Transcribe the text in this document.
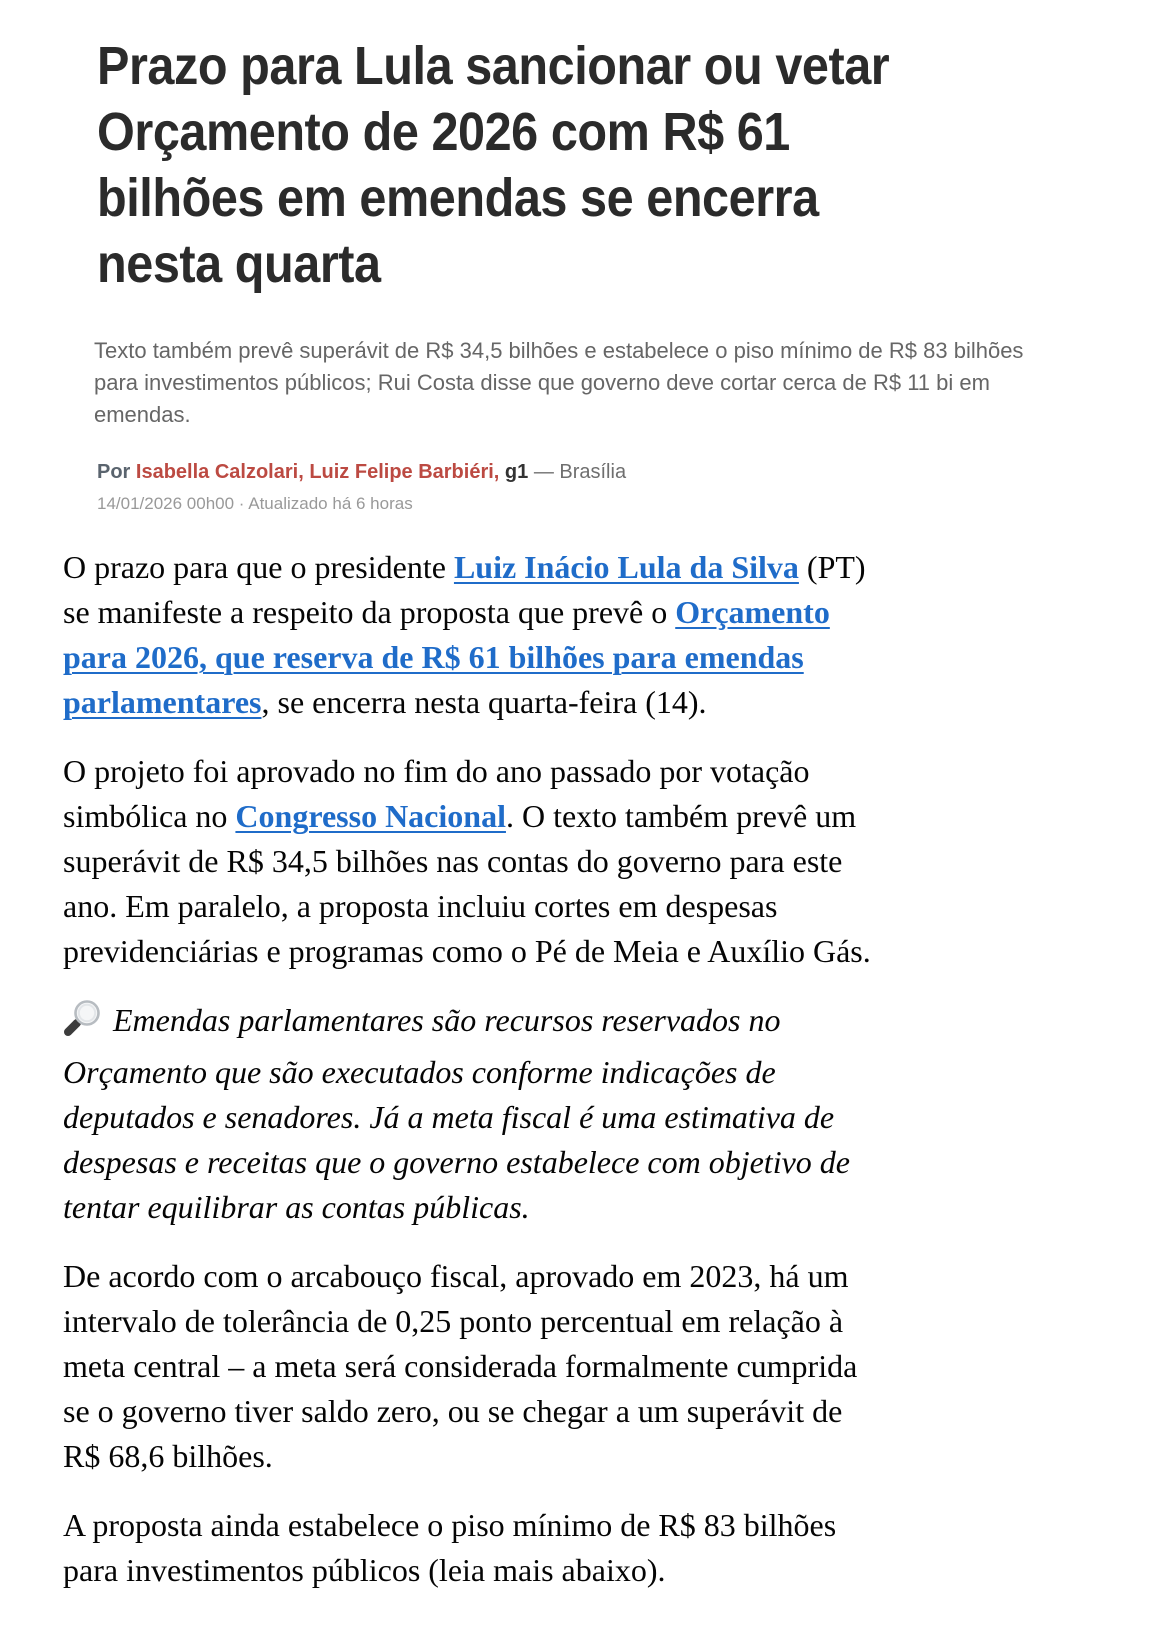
Prazo para Lula sancionar ou vetar
Orçamento de 2026 com R$ 61
bilhões em emendas se encerra
nesta quarta
Texto também prevê superávit de R$ 34,5 bilhões e estabelece o piso mínimo de R$ 83 bilhões
para investimentos públicos; Rui Costa disse que governo deve cortar cerca de R$ 11 bi em
emendas.
Por Isabella Calzolari, Luiz Felipe Barbiéri, g1 — Brasília
14/01/2026 00h00 · Atualizado há 6 horas

O prazo para que o presidente Luiz Inácio Lula da Silva (PT)
se manifeste a respeito da proposta que prevê o Orçamento
para 2026, que reserva de R$ 61 bilhões para emendas
parlamentares, se encerra nesta quarta-feira (14).

O projeto foi aprovado no fim do ano passado por votação
simbólica no Congresso Nacional. O texto também prevê um
superávit de R$ 34,5 bilhões nas contas do governo para este
ano. Em paralelo, a proposta incluiu cortes em despesas
previdenciárias e programas como o Pé de Meia e Auxílio Gás.

Emendas parlamentares são recursos reservados no
Orçamento que são executados conforme indicações de
deputados e senadores. Já a meta fiscal é uma estimativa de
despesas e receitas que o governo estabelece com objetivo de
tentar equilibrar as contas públicas.

De acordo com o arcabouço fiscal, aprovado em 2023, há um
intervalo de tolerância de 0,25 ponto percentual em relação à
meta central – a meta será considerada formalmente cumprida
se o governo tiver saldo zero, ou se chegar a um superávit de
R$ 68,6 bilhões.

A proposta ainda estabelece o piso mínimo de R$ 83 bilhões
para investimentos públicos (leia mais abaixo).
